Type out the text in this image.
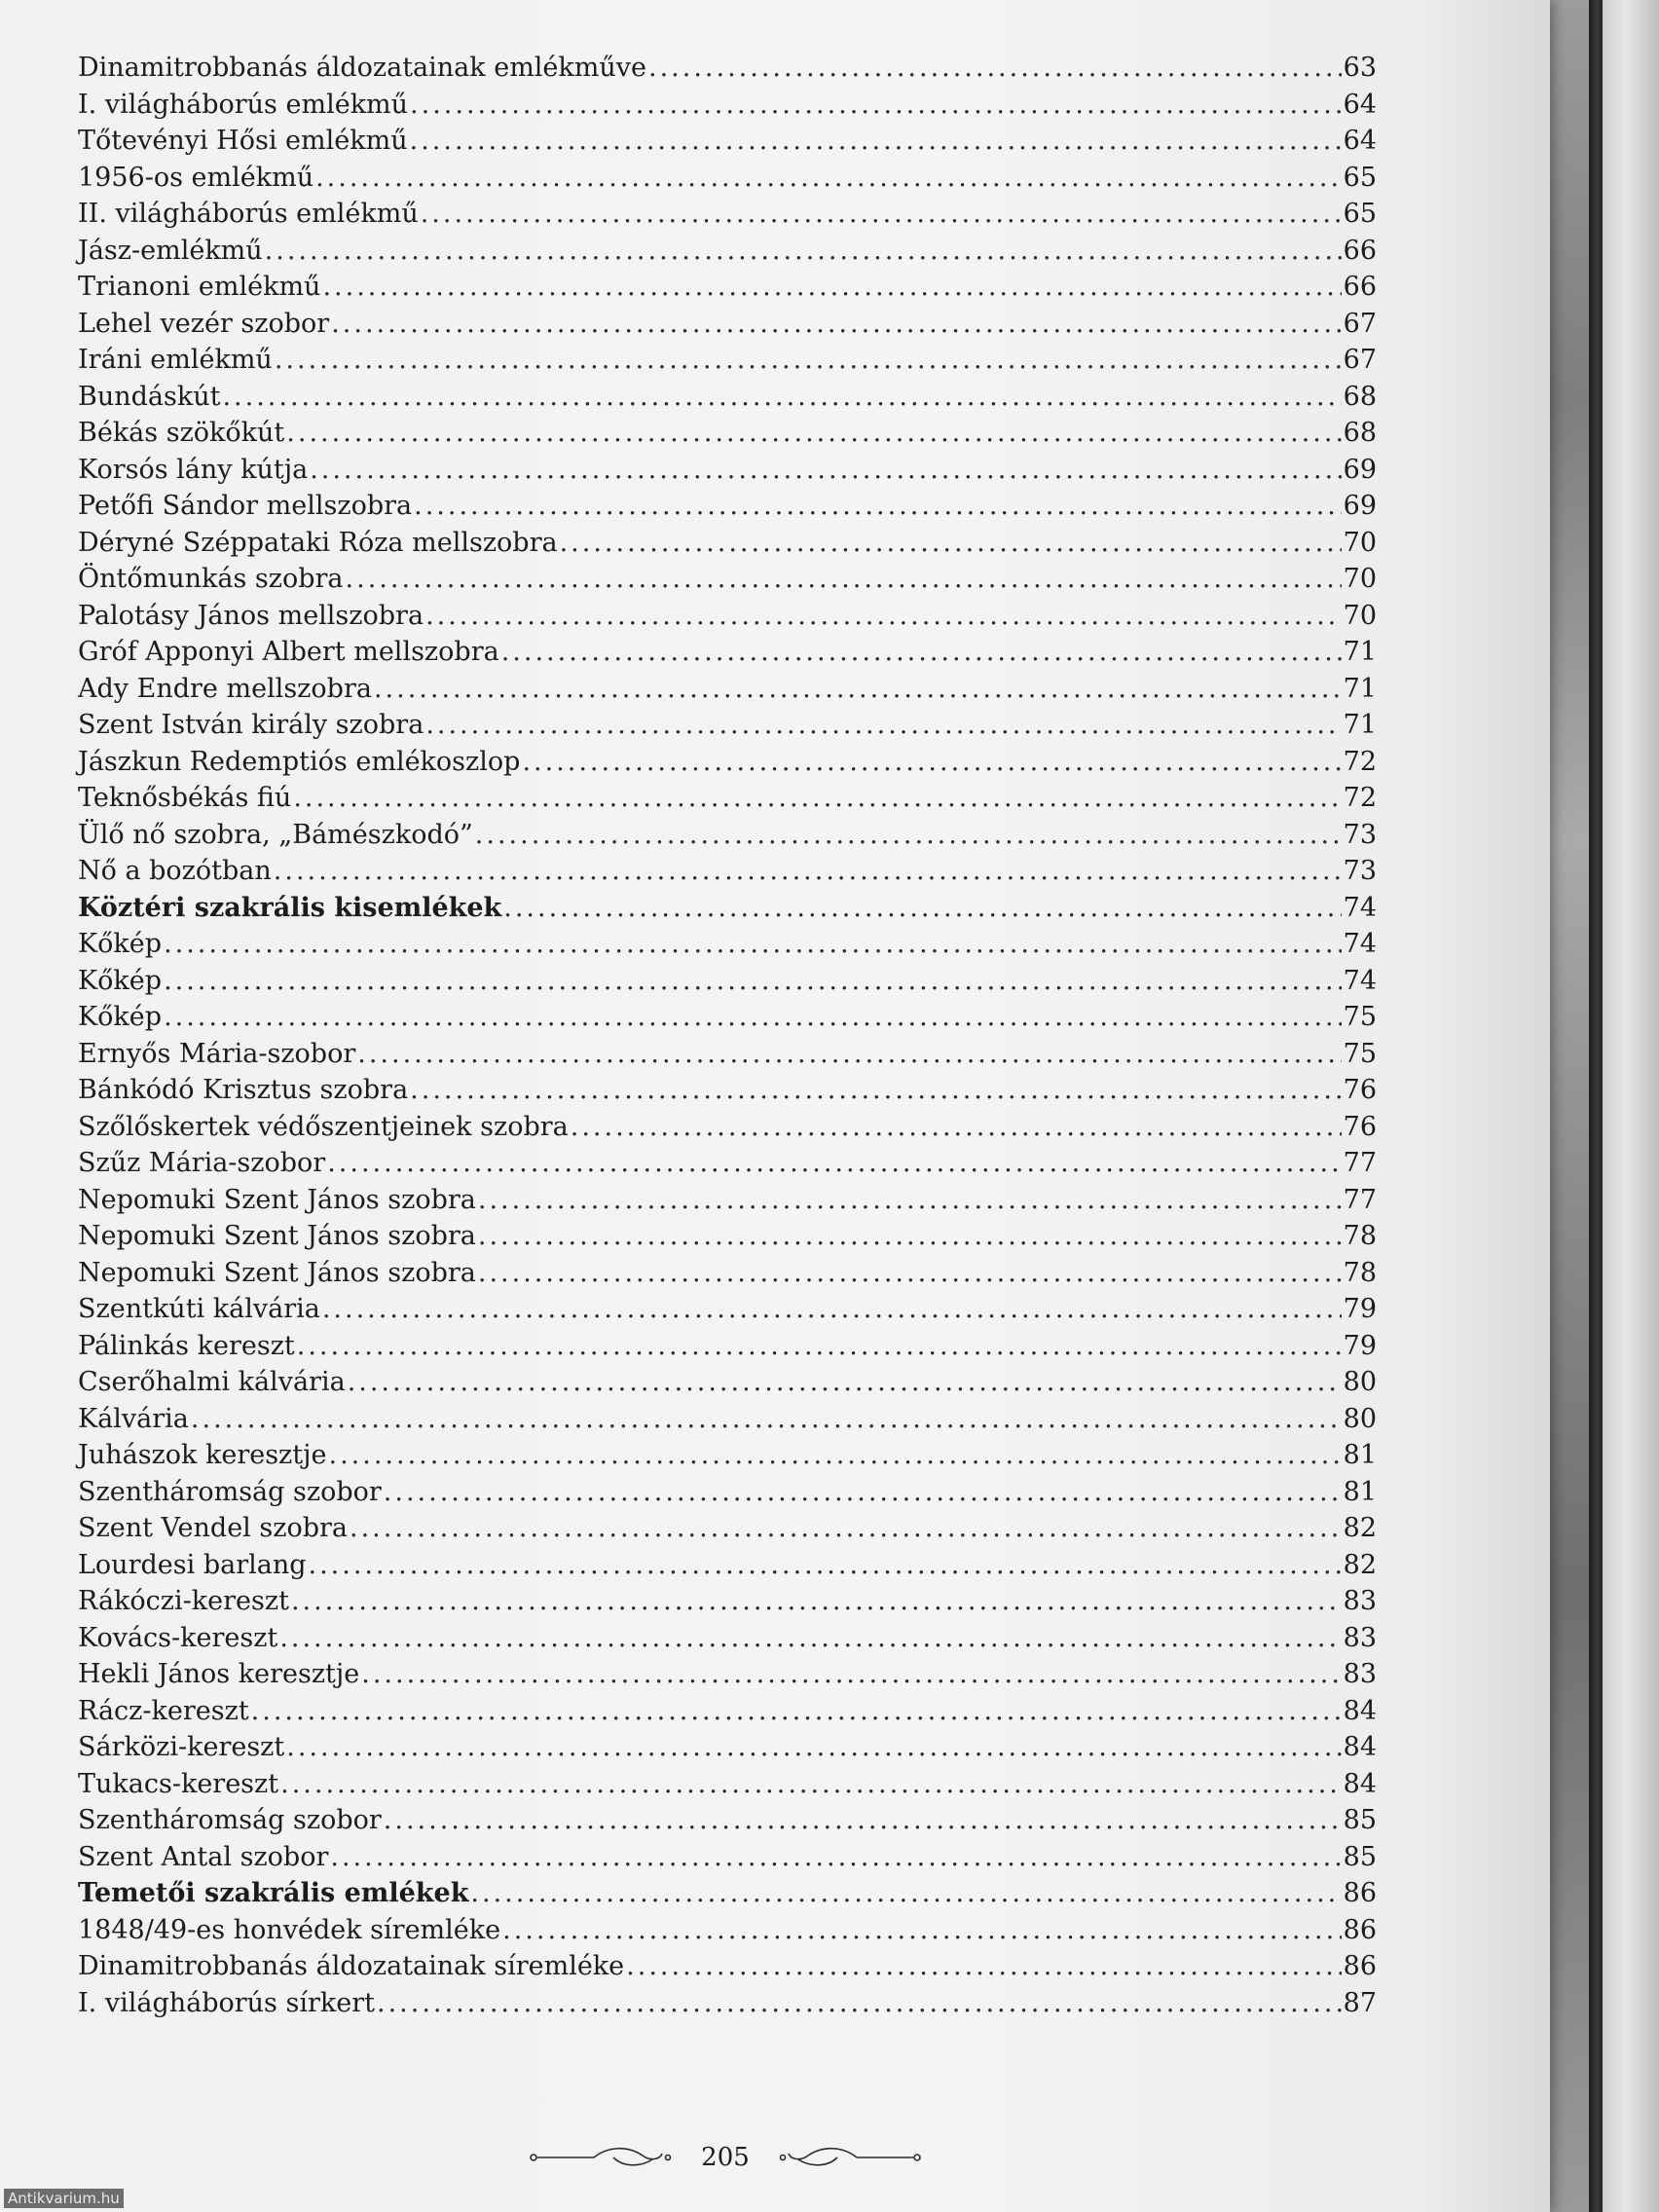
Dinamitrobbanás áldozatainak emlékműve .....	63
I. világháborús emlékmű .....	64
Tőtevényi Hősi emlékmű .....	64
1956-os emlékmű .....	65
II. világháborús emlékmű .....	65
Jász-emlékmű .....	66
Trianoni emlékmű .....	66
Lehel vezér szobor .....	67
Iráni emlékmű .....	67
Bundáskút .....	68
Békás szökőkút .....	68
Korsós lány kútja .....	69
Petőfi Sándor mellszobra .....	69
Déryné Széppataki Róza mellszobra .....	70
Öntőmunkás szobra .....	70
Palotásy János mellszobra .....	70
Gróf Apponyi Albert mellszobra .....	71
Ady Endre mellszobra .....	71
Szent István király szobra .....	71
Jászkun Redemptiós emlékoszlop .....	72
Teknősbékás fiú .....	72
Ülő nő szobra, „Bámészkodó” .....	73
Nő a bozótban .....	73
Köztéri szakrális kisemlékek .....	74
Kőkép .....	74
Kőkép .....	74
Kőkép .....	75
Ernyős Mária-szobor .....	75
Bánkódó Krisztus szobra .....	76
Szőlőskertek védőszentjeinek szobra .....	76
Szűz Mária-szobor .....	77
Nepomuki Szent János szobra .....	77
Nepomuki Szent János szobra .....	78
Nepomuki Szent János szobra .....	78
Szentkúti kálvária .....	79
Pálinkás kereszt .....	79
Cserőhalmi kálvária .....	80
Kálvária .....	80
Juhászok keresztje .....	81
Szentháromság szobor .....	81
Szent Vendel szobra .....	82
Lourdesi barlang .....	82
Rákóczi-kereszt .....	83
Kovács-kereszt .....	83
Hekli János keresztje .....	83
Rácz-kereszt .....	84
Sárközi-kereszt .....	84
Tukacs-kereszt .....	84
Szentháromság szobor .....	85
Szent Antal szobor .....	85
Temetői szakrális emlékek .....	86
1848/49-es honvédek síremléke .....	86
Dinamitrobbanás áldozatainak síremléke .....	86
I. világháborús sírkert .....	87
205
Antikvarium.hu
